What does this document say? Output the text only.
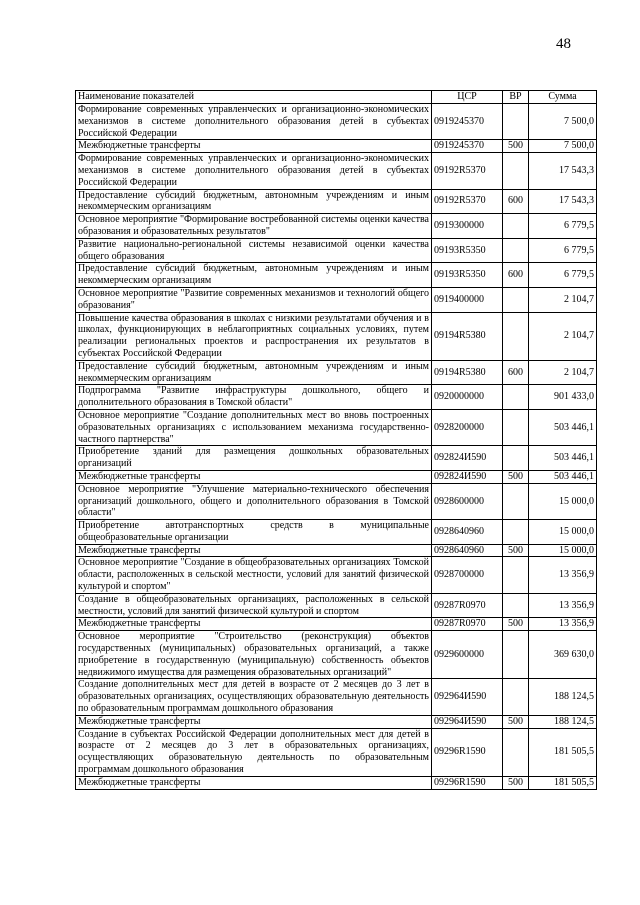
48
Наименование показателей	ЦСР	ВР	Сумма
Формирование современных управленческих и организационно-экономических механизмов в системе дополнительного образования детей в субъектах Российской Федерации	0919245370		7 500,0
Межбюджетные трансферты	0919245370	500	7 500,0
Формирование современных управленческих и организационно-экономических механизмов в системе дополнительного образования детей в субъектах Российской Федерации	09192R5370		17 543,3
Предоставление субсидий бюджетным, автономным учреждениям и иным некоммерческим организациям	09192R5370	600	17 543,3
Основное мероприятие "Формирование востребованной системы оценки качества образования и образовательных результатов"	0919300000		6 779,5
Развитие национально-региональной системы независимой оценки качества общего образования	09193R5350		6 779,5
Предоставление субсидий бюджетным, автономным учреждениям и иным некоммерческим организациям	09193R5350	600	6 779,5
Основное мероприятие "Развитие современных механизмов и технологий общего образования"	0919400000		2 104,7
Повышение качества образования в школах с низкими результатами обучения и в школах, функционирующих в неблагоприятных социальных условиях, путем реализации региональных проектов и распространения их результатов в субъектах Российской Федерации	09194R5380		2 104,7
Предоставление субсидий бюджетным, автономным учреждениям и иным некоммерческим организациям	09194R5380	600	2 104,7
Подпрограмма "Развитие инфраструктуры дошкольного, общего и дополнительного образования в Томской области"	0920000000		901 433,0
Основное мероприятие "Создание дополнительных мест во вновь построенных образовательных организациях с использованием механизма государственно-частного партнерства"	0928200000		503 446,1
Приобретение зданий для размещения дошкольных образовательных организаций	092824И590		503 446,1
Межбюджетные трансферты	092824И590	500	503 446,1
Основное мероприятие "Улучшение материально-технического обеспечения организаций дошкольного, общего и дополнительного образования в Томской области"	0928600000		15 000,0
Приобретение автотранспортных средств в муниципальные общеобразовательные организации	0928640960		15 000,0
Межбюджетные трансферты	0928640960	500	15 000,0
Основное мероприятие "Создание в общеобразовательных организациях Томской области, расположенных в сельской местности, условий для занятий физической культурой и спортом"	0928700000		13 356,9
Создание в общеобразовательных организациях, расположенных в сельской местности, условий для занятий физической культурой и спортом	09287R0970		13 356,9
Межбюджетные трансферты	09287R0970	500	13 356,9
Основное мероприятие "Строительство (реконструкция) объектов государственных (муниципальных) образовательных организаций, а также приобретение в государственную (муниципальную) собственность объектов недвижимого имущества для размещения образовательных организаций"	0929600000		369 630,0
Создание дополнительных мест для детей в возрасте от 2 месяцев до 3 лет в образовательных организациях, осуществляющих образовательную деятельность по образовательным программам дошкольного образования	092964И590		188 124,5
Межбюджетные трансферты	092964И590	500	188 124,5
Создание в субъектах Российской Федерации дополнительных мест для детей в возрасте от 2 месяцев до 3 лет в образовательных организациях, осуществляющих образовательную деятельность по образовательным программам дошкольного образования	09296R1590		181 505,5
Межбюджетные трансферты	09296R1590	500	181 505,5
